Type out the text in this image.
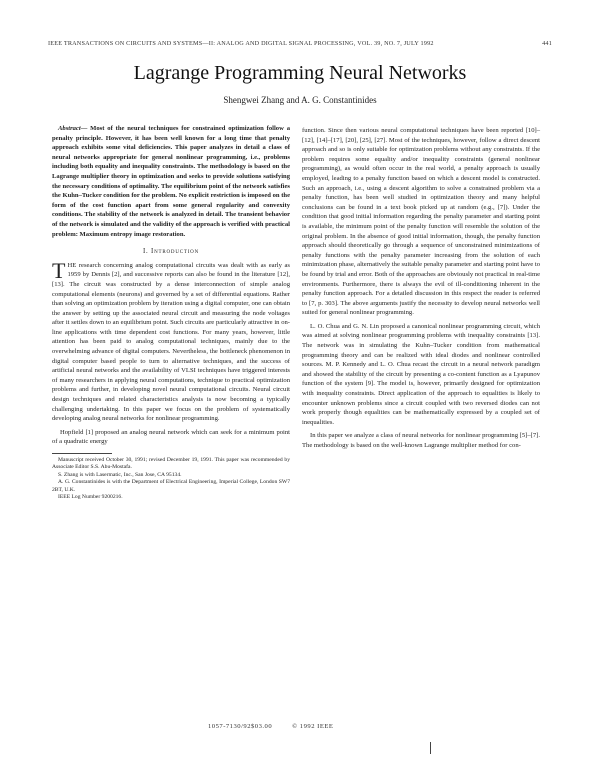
IEEE TRANSACTIONS ON CIRCUITS AND SYSTEMS—II: ANALOG AND DIGITAL SIGNAL PROCESSING, VOL. 39, NO. 7, JULY 1992	441
Lagrange Programming Neural Networks
Shengwei Zhang and A. G. Constantinides

Abstract— Most of the neural techniques for constrained optimization follow a penalty principle. However, it has been well known for a long time that penalty approach exhibits some vital deficiencies. This paper analyzes in detail a class of neural networks appropriate for general nonlinear programming, i.e., problems including both equality and inequality constraints. The methodology is based on the Lagrange multiplier theory in optimization and seeks to provide solutions satisfying the necessary conditions of optimality. The equilibrium point of the network satisfies the Kuhn–Tucker condition for the problem. No explicit restriction is imposed on the form of the cost function apart from some general regularity and convexity conditions. The stability of the network is analyzed in detail. The transient behavior of the network is simulated and the validity of the approach is verified with practical problem: Maximum entropy image restoration.

I. Introduction

T HE research concerning analog computational circuits was dealt with as early as 1959 by Dennis [2], and successive reports can also be found in the literature [12], [13]. The circuit was constructed by a dense interconnection of simple analog computational elements (neurons) and governed by a set of differential equations. Rather than solving an optimization problem by iteration using a digital computer, one can obtain the answer by setting up the associated neural circuit and measuring the node voltages after it settles down to an equilibrium point. Such circuits are particularly attractive in on-line applications with time dependent cost functions. For many years, however, little attention has been paid to analog computational techniques, mainly due to the overwhelming advance of digital computers. Nevertheless, the bottleneck phenomenon in digital computer based people to turn to alternative techniques, and the success of artificial neural networks and the availability of VLSI techniques have triggered interests of many researchers in applying neural computations, technique to practical optimization problems and further, in developing novel neural computational circuits. Neural circuit design techniques and related characteristics analysis is now becoming a typically challenging undertaking. In this paper we focus on the problem of systematically developing analog neural networks for nonlinear programming.

Hopfield [1] proposed an analog neural network which can seek for a minimum point of a quadratic energy

Manuscript received October 30, 1991; revised December 19, 1991. This paper was recommended by Associate Editor S.S. Abu-Mostafa.

S. Zhang is with Lasermatic, Inc., San Jose, CA 95134.

A. G. Constantinides is with the Department of Electrical Engineering, Imperial College, London SW7 2BT, U.K.

IEEE Log Number 9200216.

function. Since then various neural computational techniques have been reported [10]–[12], [14]–[17], [20], [25], [27]. Most of the techniques, however, follow a direct descent approach and so is only suitable for optimization problems without any constraints. If the problem requires some equality and/or inequality constraints (general nonlinear programming), as would often occur in the real world, a penalty approach is usually employed, leading to a penalty function based on which a descent model is constructed. Such an approach, i.e., using a descent algorithm to solve a constrained problem via a penalty function, has been well studied in optimization theory and many helpful conclusions can be found in a text book picked up at random (e.g., [7]). Under the condition that good initial information regarding the penalty parameter and starting point is available, the minimum point of the penalty function will resemble the solution of the original problem. In the absence of good initial information, though, the penalty function approach should theoretically go through a sequence of unconstrained minimizations of penalty functions with the penalty parameter increasing from the solution of each minimization phase, alternatively the suitable penalty parameter and starting point have to be found by trial and error. Both of the approaches are obviously not practical in real-time environments. Furthermore, there is always the evil of ill-conditioning inherent in the penalty function approach. For a detailed discussion in this respect the reader is referred to [7, p. 303]. The above arguments justify the necessity to develop neural networks well suited for general nonlinear programming.

L. O. Chua and G. N. Lin proposed a canonical nonlinear programming circuit, which was aimed at solving nonlinear programming problems with inequality constraints [13]. The network was in simulating the Kuhn–Tucker condition from mathematical programming theory and can be realized with ideal diodes and nonlinear controlled sources. M. P. Kennedy and L. O. Chua recast the circuit in a neural network paradigm and showed the stability of the circuit by presenting a co-content function as a Lyapunov function of the system [9]. The model is, however, primarily designed for optimization with inequality constraints. Direct application of the approach to equalities is likely to encounter unknown problems since a circuit coupled with two reversed diodes can not work properly though equalities can be mathematically expressed by a coupled set of inequalities.

In this paper we analyze a class of neural networks for nonlinear programming [5]–[7]. The methodology is based on the well-known Lagrange multiplier method for con-

1057-7130/92$03.00	© 1992 IEEE
